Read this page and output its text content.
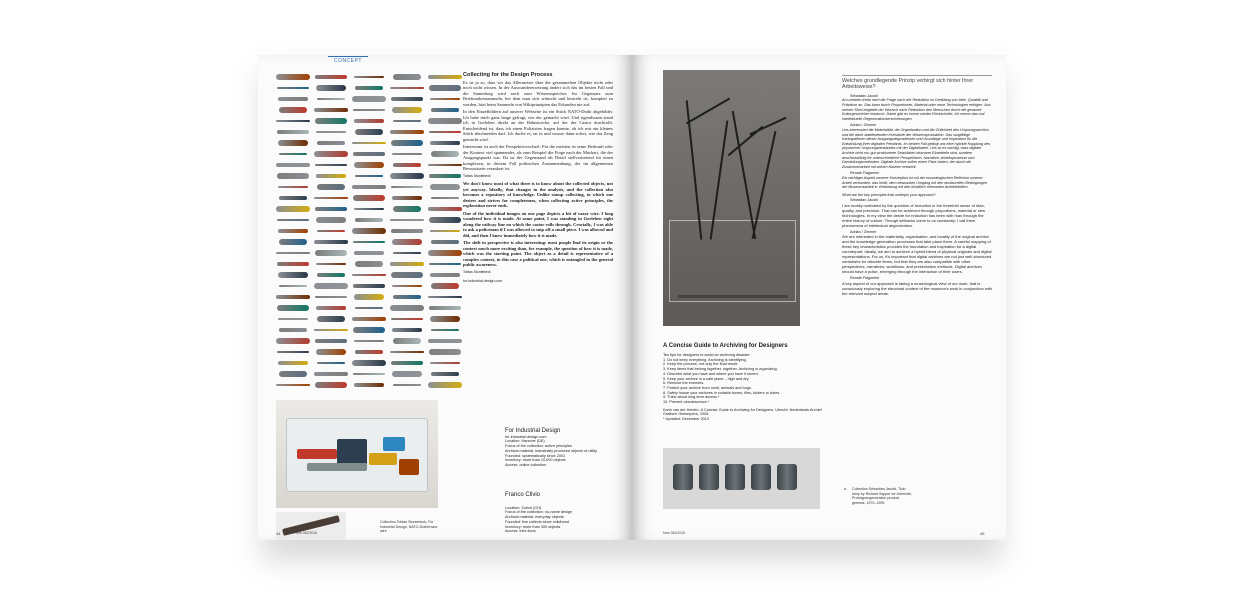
CONCEPT
Collection Tobias Stuntebeck, For Industrial Design, NATO-Draht/razor wire
Collecting for the Design Process

Es ist ja so, dass wir das Allermeiste über die gesammelten Objekte nicht oder noch nicht wissen. In der Auswanderersetzung ändert sich das im besten Fall und die Sammlung wird auch zum Wissensspeicher. Im Gegensatz zum Briefmarkensammeln, bei dem man sich wünscht und bestrebt ist, komplett zu werden, hört beim Sammeln von Wikiprinzipien das Erkunden nie auf.

In den Einzelbildern auf unserer Webseite ist ein Stück NATO-Draht abgebildet. Ich habe mich ganz lange gefragt, wie der gemacht wird. Und irgendwann stand ich in Gorleben direkt an der Bahnstrecke, auf der der Castor durchrollt. Entscheidend ist, dass ich einen Polizisten fragen konnte, ob ich mir ein kleines Stück abschneiden darf. Ich durfte es, tat es und wusste dann sofort, wie das Zeug gemacht wird.

Interessant ist auch der Perspektivwechsel: Für die meisten ist seine Herkunft oder der Kontext viel spannender, als zum Beispiel die Frage nach der Machart, die der Ausgangspunkt war. Da ist der Gegenstand als Detail stellvertretend für einen komplexen, in diesem Fall politischen Zusammenhang, der im allgemeinen Bewusstsein verankert ist.

Tobias Stuntebeck

We don't know most of what there is to know about the collected objects, not yet anyway. Ideally, that changes in the analysis, and the collection also becomes a repository of knowledge. Unlike stamp collecting, in which one desires and strives for completeness, when collecting active principles, the exploration never ends.

One of the individual images on our page depicts a bit of razor wire. I long wondered how it is made. At some point, I was standing in Gorleben right along the railway line on which the castor rolls through. Crucially, I was able to ask a policeman if I was allowed to snip off a small piece. I was allowed and did, and then I knew immediately how it is made.

The shift in perspective is also interesting: most people find its origin or the context much more exciting than, for example, the question of how it is made, which was the starting point. The object as a detail is representative of a complex context, in this case a political one, which is entangled in the general public awareness.

Tobias Stuntebeck

for-industrial-design.com

For Industrial Design
for-industrial-design.com
Location: Hanover (DE)
Focus of the collection: active principles
Archival material: industrially produced objects of utility
Founded: systematically since 2001
Inventory: more than 10,000 objects
Access: online collection
Franco Clivio
Location: Zurich (CH)
Focus of the collection: no-name design
Archival material: everyday objects
Founded: five collects since childhood
Inventory: more than 300 objects
Access: exhi-tions
44	Form 061/2016
A Concise Guide to Archiving for Designers
Ten tips for designers to avoid an archiving disaster:
1. Do not keep everything. Archiving is identifying.
2. Keep the process, not only the final result.
3. Keep items that belong together, together. Archiving is organizing.
4. Describe what you have and where you have it stored.
5. Keep your archive in a safe place – high and dry.
6. Remove the enemies.
7. Protect your archive from mold, animals and bugs.
8. Safely house your archives in suitable boxes, files, folders or tubes.
9. Think about long-term access.*
10. Prevent obsolescence.*
Karin van der Heiden, A Concise Guide to Archiving for Designers, Utrecht: Nederlands Archief Grafisch Ontwerpers, 2008
* Updated: December 2013
Welches grundlegende Prinzip verbirgt sich hinter Ihrer Arbeitsweise?
Sebastian Jacobi

Am meisten treibt mich die Frage nach der Reduktion im Dreiklang von Idee, Qualität und Präzision an. Das kann durch Proportionen, Material oder neue Technologien erfolgen. Aus meiner Sicht begleitet der Wunsch nach Reduktion den Menschen durch die gesamte Kulturgeschichte hindurch. Dabei gibt es immer wieder Rückschritte, ich nenne das mal intellektuelle Degenerationserscheinungen.

Adrian / Zimmer

Uns interessiert die Materialität, die Organisation und die Örtlichkeit des Ursprungsarchivs und die darin stattfindenden Kreisläufe der Wissensproduktion. Das sorgfältige Kartografieren dieser Ausgangsdispositionen und Grundlage und Inspiration für die Entwicklung ihrer digitalen Pendants. Im besten Fall gelingt uns eine hybride Kopplung des physischen Ursprungsbestandes mit der Digitalkaten. Uns ist es wichtig, dass digitale Archive nicht nur gut strukturierte Setzkästen atomarer Einzelteile sind, sondern anschlussfähig für unterschiedliche Perspektiven, Narrative, Arbeitsprozesse und Darstellungsmethoden. Digitale Archive sollen einen Platz haben, der durch die Zusammenarbeit mit seinen Nutzern entsteht.

Renate Flagmeier

Ein wichtiger Aspekt unserer Konzeption ist mit der musealogischen Reflexion unserer Arbeit verbunden, das heißt, dem bewussten Umgang mit den strukturellen Bedingungen der Museumsarbeit in Verbindung mit den inhaltlich relevanten Arbeitsfeldern.

What are the key principles that underpin your approach?
Sebastian Jacobi

I am mostly motivated by the question of reduction in the threefold sense of idea, quality, and precision. That can be achieved through proportions, material or new technologies. In my view the desire for reduction has been with man through the entire history of culture. Though setbacks come to us constantly; I call them phenomena of intellectual degeneration.

Adrian / Zimmer

We are interested in the materiality, organisation, and locality of the original archive and the knowledge generation processes that take place there. A careful mapping of these key characteristics provides the foundation and inspiration for a digital counterpart. Ideally, we aim to achieve a hybrid blend of physical originals and digital representations. For us, it's important that digital archives are not just well-structured containers for discrete items, but that they are also compatible with other perspectives, narratives, workflows, and presentation methods. Digital archives should have a pulse, emerging through the interaction of their users.

Renate Flagmeier

A key aspect of our approach is taking a museological view of our work, that is consciously exploring the structural context of the museum's work in conjunction with the relevant subject areas.

a. Collection Sebastian Jacobi, Tizio lamp by Richard Sapper for Artemide, Prototypengeneration product genesis, 1970–1995
form 061/2016	45
